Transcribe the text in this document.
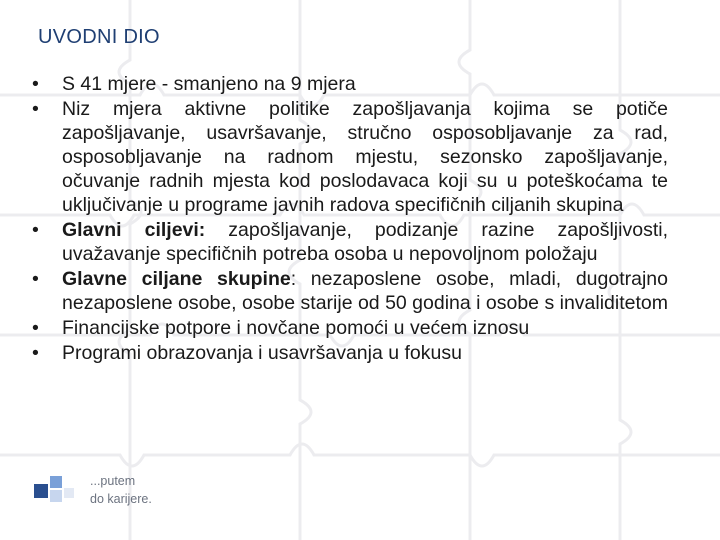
UVODNI DIO
•	S 41 mjere - smanjeno na 9 mjera
•	Niz mjera aktivne politike zapošljavanja kojima se potiče zapošljavanje, usavršavanje, stručno osposobljavanje za rad, osposobljavanje na radnom mjestu, sezonsko zapošljavanje, očuvanje radnih mjesta kod poslodavaca koji su u poteškoćama te uključivanje u programe javnih radova specifičnih ciljanih skupina
•	Glavni ciljevi: zapošljavanje, podizanje razine zapošljivosti, uvažavanje specifičnih potreba osoba u nepovoljnom položaju
•	Glavne ciljane skupine: nezaposlene osobe, mladi, dugotrajno nezaposlene osobe, osobe starije od 50 godina i osobe s invaliditetom
•	Financijske potpore i novčane pomoći u većem iznosu
•	Programi obrazovanja i usavršavanja u fokusu
...putem
do karijere.
